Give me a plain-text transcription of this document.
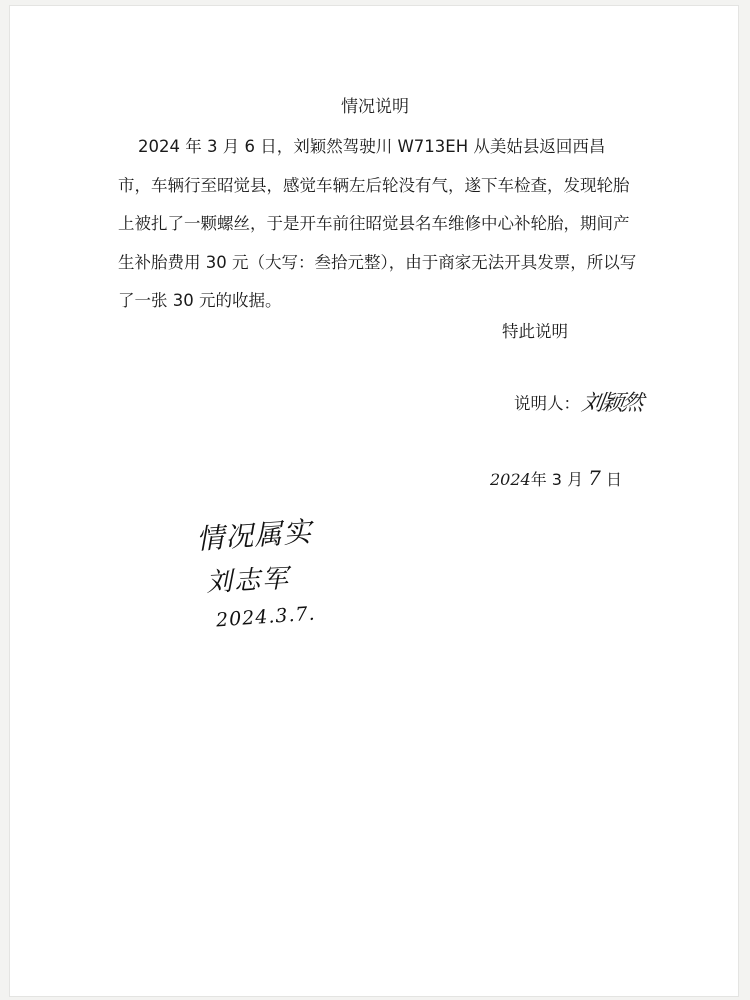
情况说明
2024 年 3 月 6 日，刘颖然驾驶川 W713EH 从美姑县返回西昌市，车辆行至昭觉县，感觉车辆左后轮没有气，遂下车检查，发现轮胎上被扎了一颗螺丝，于是开车前往昭觉县名车维修中心补轮胎，期间产生补胎费用 30 元（大写：叁拾元整），由于商家无法开具发票，所以写了一张 30 元的收据。
特此说明
说明人： 刘颖然
2024年 3 月 7 日
情况属实
刘志军
2024.3.7.
